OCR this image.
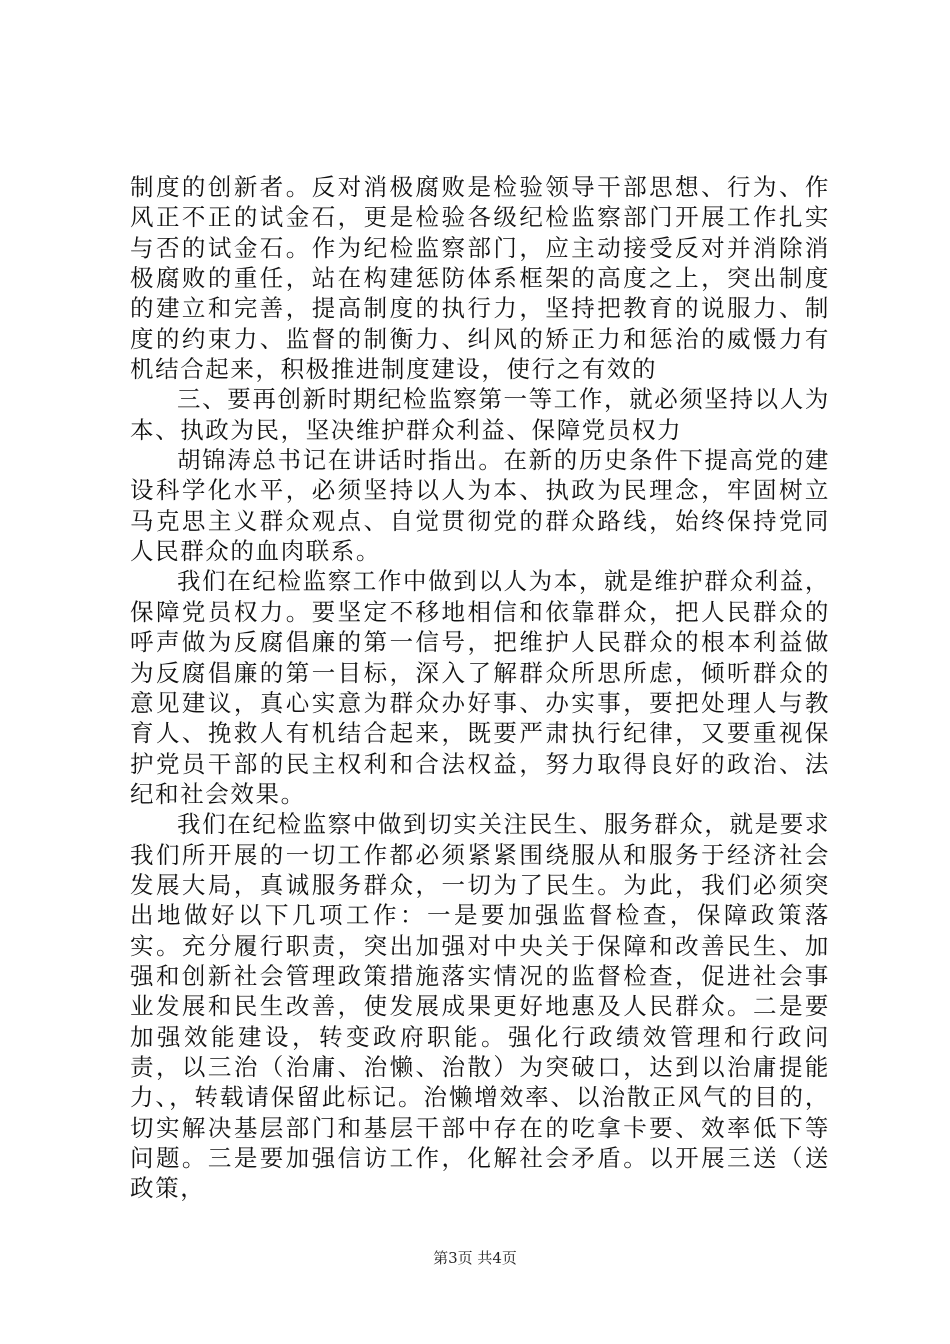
制度的创新者。反对消极腐败是检验领导干部思想、行为、作风正不正的试金石，更是检验各级纪检监察部门开展工作扎实与否的试金石。作为纪检监察部门，应主动接受反对并消除消极腐败的重任，站在构建惩防体系框架的高度之上，突出制度的建立和完善，提高制度的执行力，坚持把教育的说服力、制度的约束力、监督的制衡力、纠风的矫正力和惩治的威慑力有机结合起来，积极推进制度建设，使行之有效的

三、要再创新时期纪检监察第一等工作，就必须坚持以人为本、执政为民，坚决维护群众利益、保障党员权力

胡锦涛总书记在讲话时指出。在新的历史条件下提高党的建设科学化水平，必须坚持以人为本、执政为民理念，牢固树立马克思主义群众观点、自觉贯彻党的群众路线，始终保持党同人民群众的血肉联系。

我们在纪检监察工作中做到以人为本，就是维护群众利益，保障党员权力。要坚定不移地相信和依靠群众，把人民群众的呼声做为反腐倡廉的第一信号，把维护人民群众的根本利益做为反腐倡廉的第一目标，深入了解群众所思所虑，倾听群众的意见建议，真心实意为群众办好事、办实事，要把处理人与教育人、挽救人有机结合起来，既要严肃执行纪律，又要重视保护党员干部的民主权利和合法权益，努力取得良好的政治、法纪和社会效果。

我们在纪检监察中做到切实关注民生、服务群众，就是要求我们所开展的一切工作都必须紧紧围绕服从和服务于经济社会发展大局，真诚服务群众，一切为了民生。为此，我们必须突出地做好以下几项工作：一是要加强监督检查，保障政策落实。充分履行职责，突出加强对中央关于保障和改善民生、加强和创新社会管理政策措施落实情况的监督检查，促进社会事业发展和民生改善，使发展成果更好地惠及人民群众。二是要加强效能建设，转变政府职能。强化行政绩效管理和行政问责，以三治（治庸、治懒、治散）为突破口，达到以治庸提能力、，转载请保留此标记。治懒增效率、以治散正风气的目的，切实解决基层部门和基层干部中存在的吃拿卡要、效率低下等问题。三是要加强信访工作，化解社会矛盾。以开展三送（送政策，

第3页 共4页
